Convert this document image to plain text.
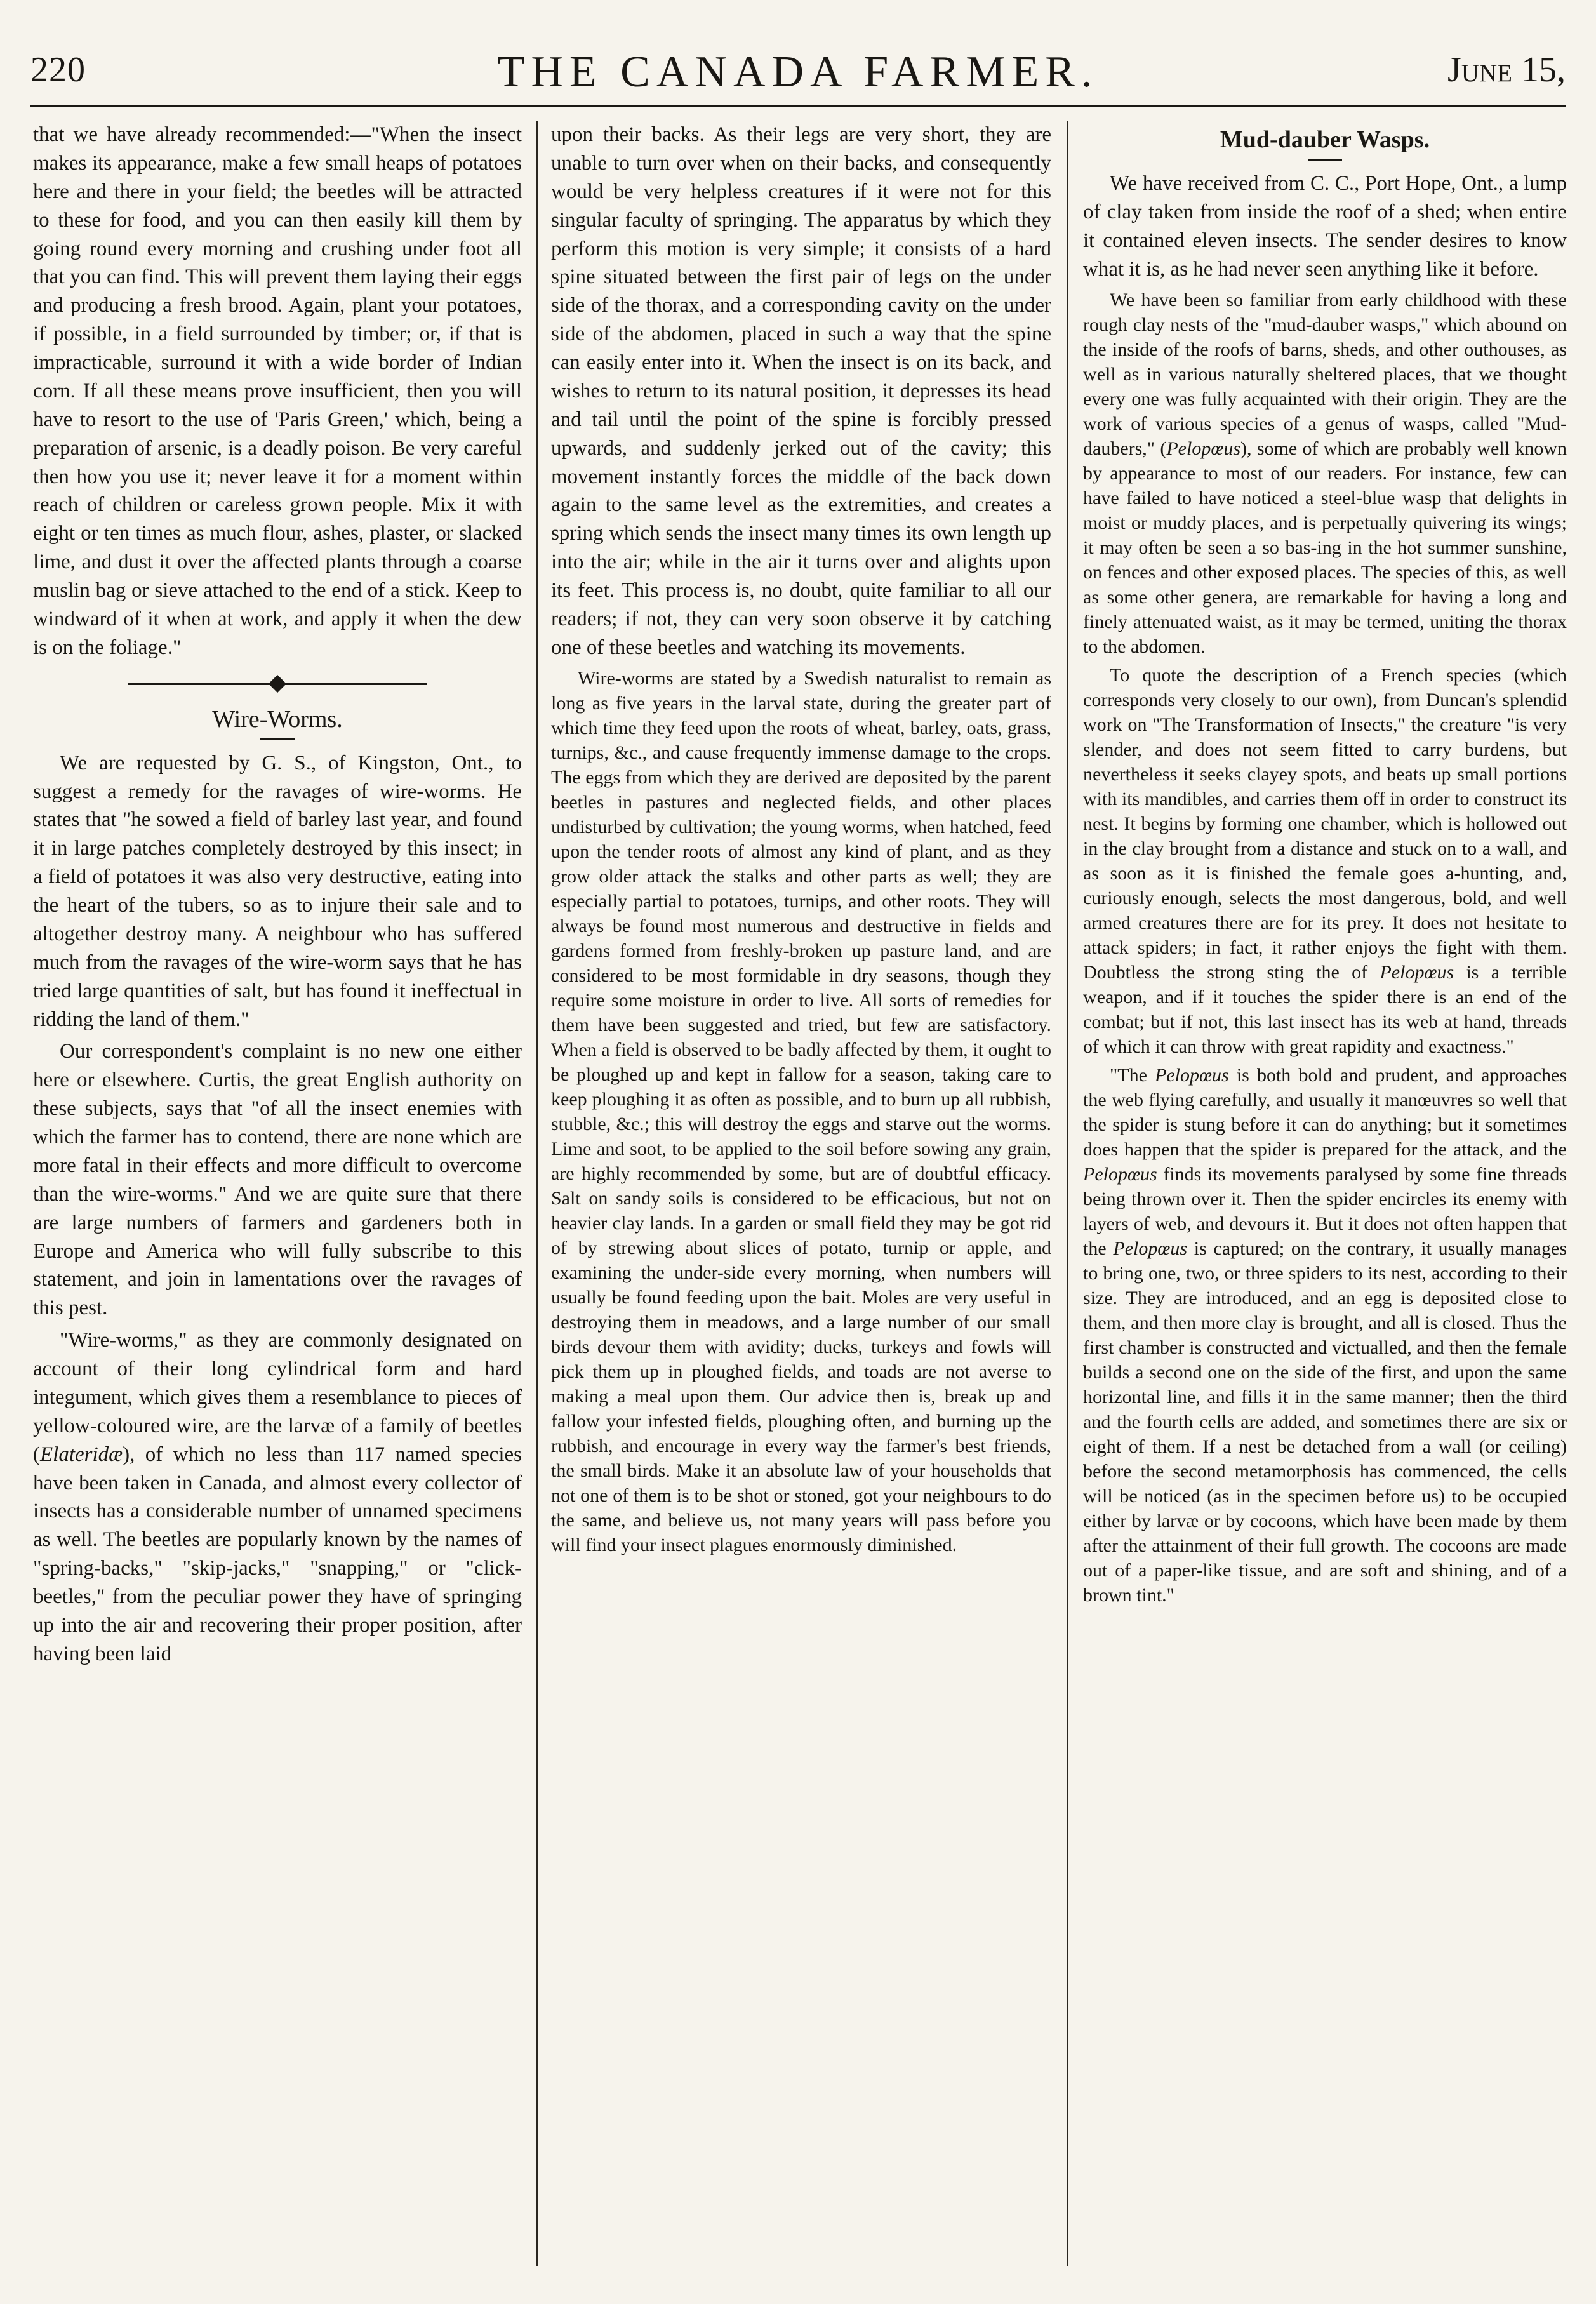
220	THE CANADA FARMER.	June 15,

that we have already recommended:—"When the insect makes its appearance, make a few small heaps of potatoes here and there in your field; the beetles will be attracted to these for food, and you can then easily kill them by going round every morning and crushing under foot all that you can find. This will prevent them laying their eggs and producing a fresh brood. Again, plant your potatoes, if possible, in a field surrounded by timber; or, if that is impracticable, surround it with a wide border of Indian corn. If all these means prove insufficient, then you will have to resort to the use of 'Paris Green,' which, being a preparation of arsenic, is a deadly poison. Be very careful then how you use it; never leave it for a moment within reach of children or careless grown people. Mix it with eight or ten times as much flour, ashes, plaster, or slacked lime, and dust it over the affected plants through a coarse muslin bag or sieve attached to the end of a stick. Keep to windward of it when at work, and apply it when the dew is on the foliage."

Wire-Worms.

We are requested by G. S., of Kingston, Ont., to suggest a remedy for the ravages of wire-worms. He states that "he sowed a field of barley last year, and found it in large patches completely destroyed by this insect; in a field of potatoes it was also very destructive, eating into the heart of the tubers, so as to injure their sale and to altogether destroy many. A neighbour who has suffered much from the ravages of the wire-worm says that he has tried large quantities of salt, but has found it ineffectual in ridding the land of them."

Our correspondent's complaint is no new one either here or elsewhere. Curtis, the great English authority on these subjects, says that "of all the insect enemies with which the farmer has to contend, there are none which are more fatal in their effects and more difficult to overcome than the wire-worms." And we are quite sure that there are large numbers of farmers and gardeners both in Europe and America who will fully subscribe to this statement, and join in lamentations over the ravages of this pest.

"Wire-worms," as they are commonly designated on account of their long cylindrical form and hard integument, which gives them a resemblance to pieces of yellow-coloured wire, are the larvæ of a family of beetles (Elateridæ), of which no less than 117 named species have been taken in Canada, and almost every collector of insects has a considerable number of unnamed specimens as well. The beetles are popularly known by the names of "spring-backs," "skip-jacks," "snapping," or "click-beetles," from the peculiar power they have of springing up into the air and recovering their proper position, after having been laid

upon their backs. As their legs are very short, they are unable to turn over when on their backs, and consequently would be very helpless creatures if it were not for this singular faculty of springing. The apparatus by which they perform this motion is very simple; it consists of a hard spine situated between the first pair of legs on the under side of the thorax, and a corresponding cavity on the under side of the abdomen, placed in such a way that the spine can easily enter into it. When the insect is on its back, and wishes to return to its natural position, it depresses its head and tail until the point of the spine is forcibly pressed upwards, and suddenly jerked out of the cavity; this movement instantly forces the middle of the back down again to the same level as the extremities, and creates a spring which sends the insect many times its own length up into the air; while in the air it turns over and alights upon its feet. This process is, no doubt, quite familiar to all our readers; if not, they can very soon observe it by catching one of these beetles and watching its movements.

Wire-worms are stated by a Swedish naturalist to remain as long as five years in the larval state, during the greater part of which time they feed upon the roots of wheat, barley, oats, grass, turnips, &c., and cause frequently immense damage to the crops. The eggs from which they are derived are deposited by the parent beetles in pastures and neglected fields, and other places undisturbed by cultivation; the young worms, when hatched, feed upon the tender roots of almost any kind of plant, and as they grow older attack the stalks and other parts as well; they are especially partial to potatoes, turnips, and other roots. They will always be found most numerous and destructive in fields and gardens formed from freshly-broken up pasture land, and are considered to be most formidable in dry seasons, though they require some moisture in order to live. All sorts of remedies for them have been suggested and tried, but few are satisfactory. When a field is observed to be badly affected by them, it ought to be ploughed up and kept in fallow for a season, taking care to keep ploughing it as often as possible, and to burn up all rubbish, stubble, &c.; this will destroy the eggs and starve out the worms. Lime and soot, to be applied to the soil before sowing any grain, are highly recommended by some, but are of doubtful efficacy. Salt on sandy soils is considered to be efficacious, but not on heavier clay lands. In a garden or small field they may be got rid of by strewing about slices of potato, turnip or apple, and examining the under-side every morning, when numbers will usually be found feeding upon the bait. Moles are very useful in destroying them in meadows, and a large number of our small birds devour them with avidity; ducks, turkeys and fowls will pick them up in ploughed fields, and toads are not averse to making a meal upon them. Our advice then is, break up and fallow your infested fields, ploughing often, and burning up the rubbish, and encourage in every way the farmer's best friends, the small birds. Make it an absolute law of your households that not one of them is to be shot or stoned, got your neighbours to do the same, and believe us, not many years will pass before you will find your insect plagues enormously diminished.

Mud-dauber Wasps.

We have received from C. C., Port Hope, Ont., a lump of clay taken from inside the roof of a shed; when entire it contained eleven insects. The sender desires to know what it is, as he had never seen anything like it before.

We have been so familiar from early childhood with these rough clay nests of the "mud-dauber wasps," which abound on the inside of the roofs of barns, sheds, and other outhouses, as well as in various naturally sheltered places, that we thought every one was fully acquainted with their origin. They are the work of various species of a genus of wasps, called "Mud-daubers," (Pelopœus), some of which are probably well known by appearance to most of our readers. For instance, few can have failed to have noticed a steel-blue wasp that delights in moist or muddy places, and is perpetually quivering its wings; it may often be seen a so bas-ing in the hot summer sunshine, on fences and other exposed places. The species of this, as well as some other genera, are remarkable for having a long and finely attenuated waist, as it may be termed, uniting the thorax to the abdomen.

To quote the description of a French species (which corresponds very closely to our own), from Duncan's splendid work on "The Transformation of Insects," the creature "is very slender, and does not seem fitted to carry burdens, but nevertheless it seeks clayey spots, and beats up small portions with its mandibles, and carries them off in order to construct its nest. It begins by forming one chamber, which is hollowed out in the clay brought from a distance and stuck on to a wall, and as soon as it is finished the female goes a-hunting, and, curiously enough, selects the most dangerous, bold, and well armed creatures there are for its prey. It does not hesitate to attack spiders; in fact, it rather enjoys the fight with them. Doubtless the strong sting the of Pelopœus is a terrible weapon, and if it touches the spider there is an end of the combat; but if not, this last insect has its web at hand, threads of which it can throw with great rapidity and exactness."

"The Pelopœus is both bold and prudent, and approaches the web flying carefully, and usually it manœuvres so well that the spider is stung before it can do anything; but it sometimes does happen that the spider is prepared for the attack, and the Pelopœus finds its movements paralysed by some fine threads being thrown over it. Then the spider encircles its enemy with layers of web, and devours it. But it does not often happen that the Pelopœus is captured; on the contrary, it usually manages to bring one, two, or three spiders to its nest, according to their size. They are introduced, and an egg is deposited close to them, and then more clay is brought, and all is closed. Thus the first chamber is constructed and victualled, and then the female builds a second one on the side of the first, and upon the same horizontal line, and fills it in the same manner; then the third and the fourth cells are added, and sometimes there are six or eight of them. If a nest be detached from a wall (or ceiling) before the second metamorphosis has commenced, the cells will be noticed (as in the specimen before us) to be occupied either by larvæ or by cocoons, which have been made by them after the attainment of their full growth. The cocoons are made out of a paper-like tissue, and are soft and shining, and of a brown tint."
